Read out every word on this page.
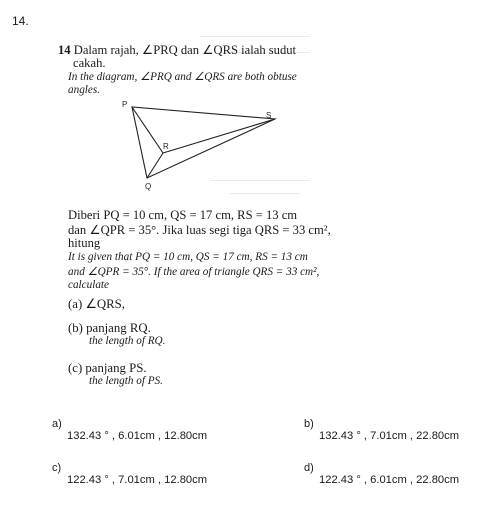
14.
14 Dalam rajah, ∠PRQ dan ∠QRS ialah sudut
cakah.
In the diagram, ∠PRQ and ∠QRS are both obtuse
angles.
P
S
R
Q
Diberi PQ = 10 cm, QS = 17 cm, RS = 13 cm
dan ∠QPR = 35°. Jika luas segi tiga QRS = 33 cm²,
hitung
It is given that PQ = 10 cm, QS = 17 cm, RS = 13 cm
and ∠QPR = 35°. If the area of triangle QRS = 33 cm²,
calculate
(a) ∠QRS,
(b) panjang RQ.
the length of RQ.
(c) panjang PS.
the length of PS.
a)
132.43 ° , 6.01cm , 12.80cm
b)
132.43 ° , 7.01cm , 22.80cm
c)
122.43 ° , 7.01cm , 12.80cm
d)
122.43 ° , 6.01cm , 22.80cm
